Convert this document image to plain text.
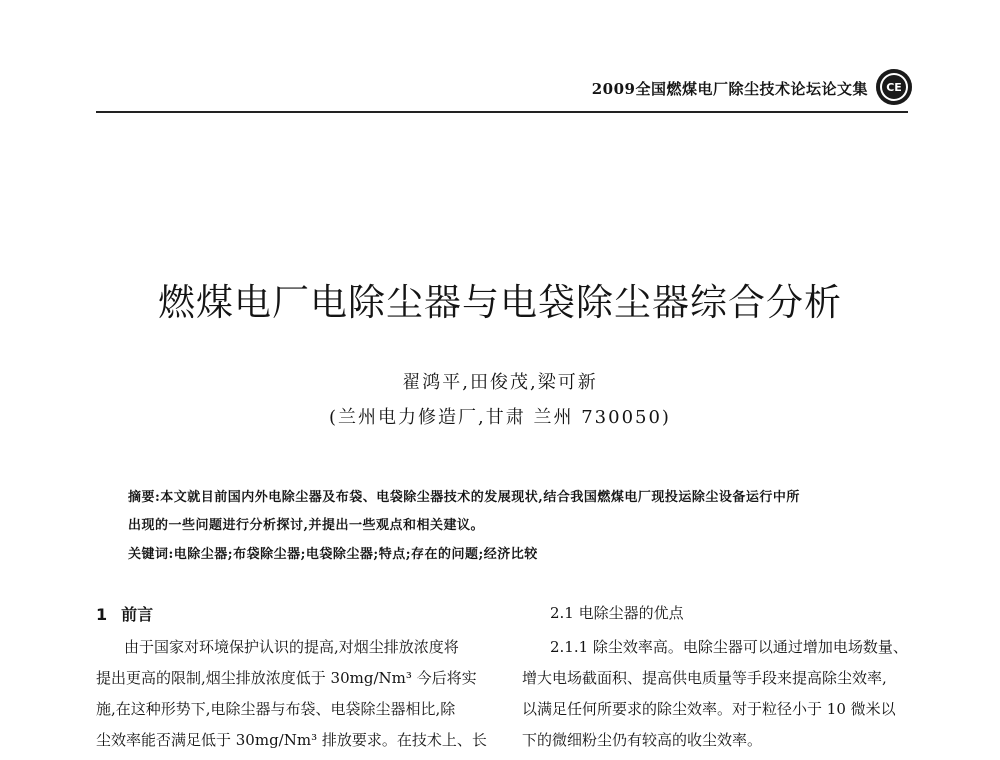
2009全国燃煤电厂除尘技术论坛论文集 CE
燃煤电厂电除尘器与电袋除尘器综合分析
翟鸿平,田俊茂,梁可新
(兰州电力修造厂,甘肃 兰州 730050)
摘要:本文就目前国内外电除尘器及布袋、电袋除尘器技术的发展现状,结合我国燃煤电厂现投运除尘设备运行中所
出现的一些问题进行分析探讨,并提出一些观点和相关建议。
关键词:电除尘器;布袋除尘器;电袋除尘器;特点;存在的问题;经济比较
1 前言
由于国家对环境保护认识的提高,对烟尘排放浓度将
提出更高的限制,烟尘排放浓度低于 30mg/Nm³ 今后将实
施,在这种形势下,电除尘器与布袋、电袋除尘器相比,除
尘效率能否满足低于 30mg/Nm³ 排放要求。在技术上、长
2.1 电除尘器的优点
2.1.1 除尘效率高。电除尘器可以通过增加电场数量、
增大电场截面积、提高供电质量等手段来提高除尘效率,
以满足任何所要求的除尘效率。对于粒径小于 10 微米以
下的微细粉尘仍有较高的收尘效率。
